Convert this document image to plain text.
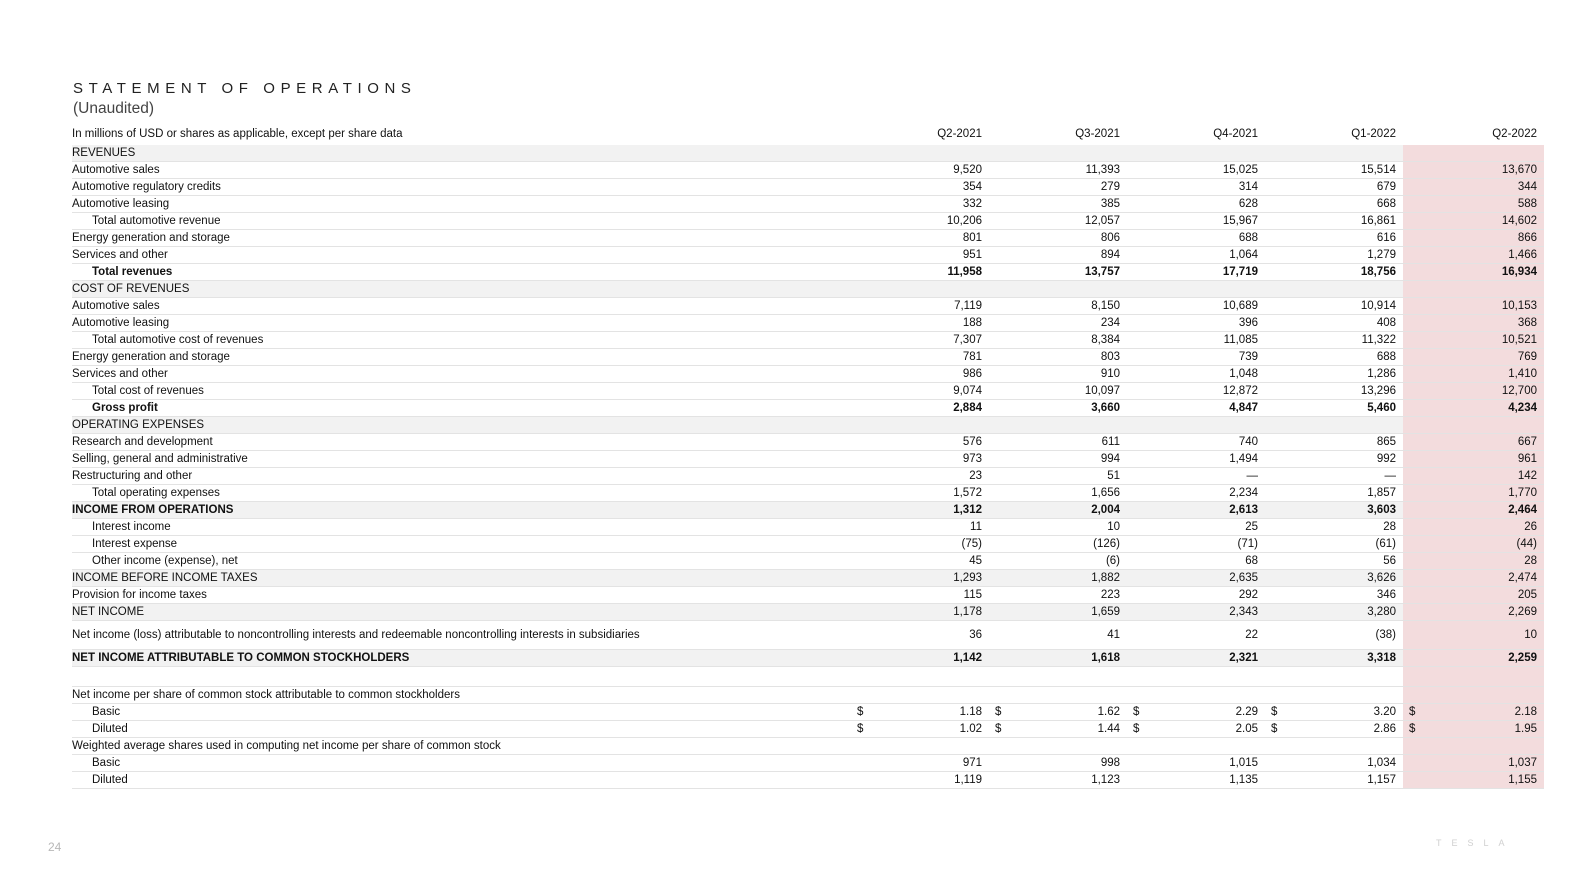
STATEMENT OF OPERATIONS
(Unaudited)
In millions of USD or shares as applicable, except per share data	Q2-2021	Q3-2021	Q4-2021	Q1-2022	Q2-2022
REVENUES					
Automotive sales	9,520	11,393	15,025	15,514	13,670
Automotive regulatory credits	354	279	314	679	344
Automotive leasing	332	385	628	668	588
Total automotive revenue	10,206	12,057	15,967	16,861	14,602
Energy generation and storage	801	806	688	616	866
Services and other	951	894	1,064	1,279	1,466
Total revenues	11,958	13,757	17,719	18,756	16,934
COST OF REVENUES					
Automotive sales	7,119	8,150	10,689	10,914	10,153
Automotive leasing	188	234	396	408	368
Total automotive cost of revenues	7,307	8,384	11,085	11,322	10,521
Energy generation and storage	781	803	739	688	769
Services and other	986	910	1,048	1,286	1,410
Total cost of revenues	9,074	10,097	12,872	13,296	12,700
Gross profit	2,884	3,660	4,847	5,460	4,234
OPERATING EXPENSES					
Research and development	576	611	740	865	667
Selling, general and administrative	973	994	1,494	992	961
Restructuring and other	23	51	—	—	142
Total operating expenses	1,572	1,656	2,234	1,857	1,770
INCOME FROM OPERATIONS	1,312	2,004	2,613	3,603	2,464
Interest income	11	10	25	28	26
Interest expense	(75)	(126)	(71)	(61)	(44)
Other income (expense), net	45	(6)	68	56	28
INCOME BEFORE INCOME TAXES	1,293	1,882	2,635	3,626	2,474
Provision for income taxes	115	223	292	346	205
NET INCOME	1,178	1,659	2,343	3,280	2,269
Net income (loss) attributable to noncontrolling interests and redeemable noncontrolling interests in subsidiaries	36	41	22	(38)	10
NET INCOME ATTRIBUTABLE TO COMMON STOCKHOLDERS	1,142	1,618	2,321	3,318	2,259

Net income per share of common stock attributable to common stockholders					
Basic	$ 1.18	$ 1.62	$ 2.29	$ 3.20	$ 2.18
Diluted	$ 1.02	$ 1.44	$ 2.05	$ 2.86	$ 1.95
Weighted average shares used in computing net income per share of common stock					
Basic	971	998	1,015	1,034	1,037
Diluted	1,119	1,123	1,135	1,157	1,155
24	TESLA
